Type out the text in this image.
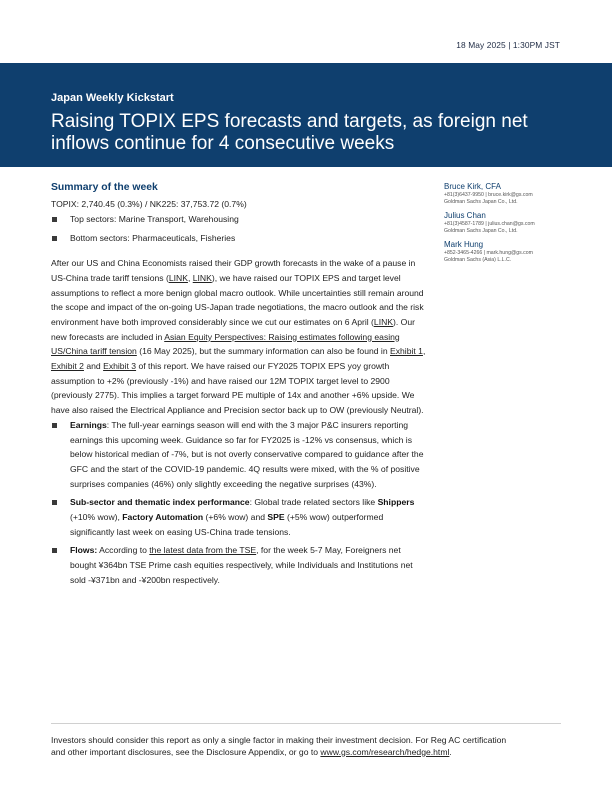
18 May 2025 | 1:30PM JST
Japan Weekly Kickstart
Raising TOPIX EPS forecasts and targets, as foreign net inflows continue for 4 consecutive weeks
Summary of the week
TOPIX: 2,740.45 (0.3%) / NK225: 37,753.72 (0.7%)
Top sectors: Marine Transport, Warehousing
Bottom sectors: Pharmaceuticals, Fisheries

After our US and China Economists raised their GDP growth forecasts in the wake of a pause in US-China trade tariff tensions (LINK, LINK), we have raised our TOPIX EPS and target level assumptions to reflect a more benign global macro outlook. While uncertainties still remain around the scope and impact of the on-going US-Japan trade negotiations, the macro outlook and the risk environment have both improved considerably since we cut our estimates on 6 April (LINK). Our new forecasts are included in Asian Equity Perspectives: Raising estimates following easing US/China tariff tension (16 May 2025), but the summary information can also be found in Exhibit 1, Exhibit 2 and Exhibit 3 of this report. We have raised our FY2025 TOPIX EPS yoy growth assumption to +2% (previously -1%) and have raised our 12M TOPIX target level to 2900 (previously 2775). This implies a target forward PE multiple of 14x and another +6% upside. We have also raised the Electrical Appliance and Precision sector back up to OW (previously Neutral).

Earnings: The full-year earnings season will end with the 3 major P&C insurers reporting earnings this upcoming week. Guidance so far for FY2025 is -12% vs consensus, which is below historical median of -7%, but is not overly conservative compared to guidance after the GFC and the start of the COVID-19 pandemic. 4Q results were mixed, with the % of positive surprises companies (46%) only slightly exceeding the negative surprises (43%).
Sub-sector and thematic index performance: Global trade related sectors like Shippers (+10% wow), Factory Automation (+6% wow) and SPE (+5% wow) outperformed significantly last week on easing US-China trade tensions.
Flows: According to the latest data from the TSE, for the week 5-7 May, Foreigners net bought ¥364bn TSE Prime cash equities respectively, while Individuals and Institutions net sold -¥371bn and -¥200bn respectively.
Bruce Kirk, CFA
+81(3)6437-9950 | bruce.kirk@gs.com
Goldman Sachs Japan Co., Ltd.
Julius Chan
+81(3)4587-1789 | julius.chan@gs.com
Goldman Sachs Japan Co., Ltd.
Mark Hung
+852-3465-4266 | mark.hung@gs.com
Goldman Sachs (Asia) L.L.C.
Investors should consider this report as only a single factor in making their investment decision. For Reg AC certification and other important disclosures, see the Disclosure Appendix, or go to www.gs.com/research/hedge.html.
